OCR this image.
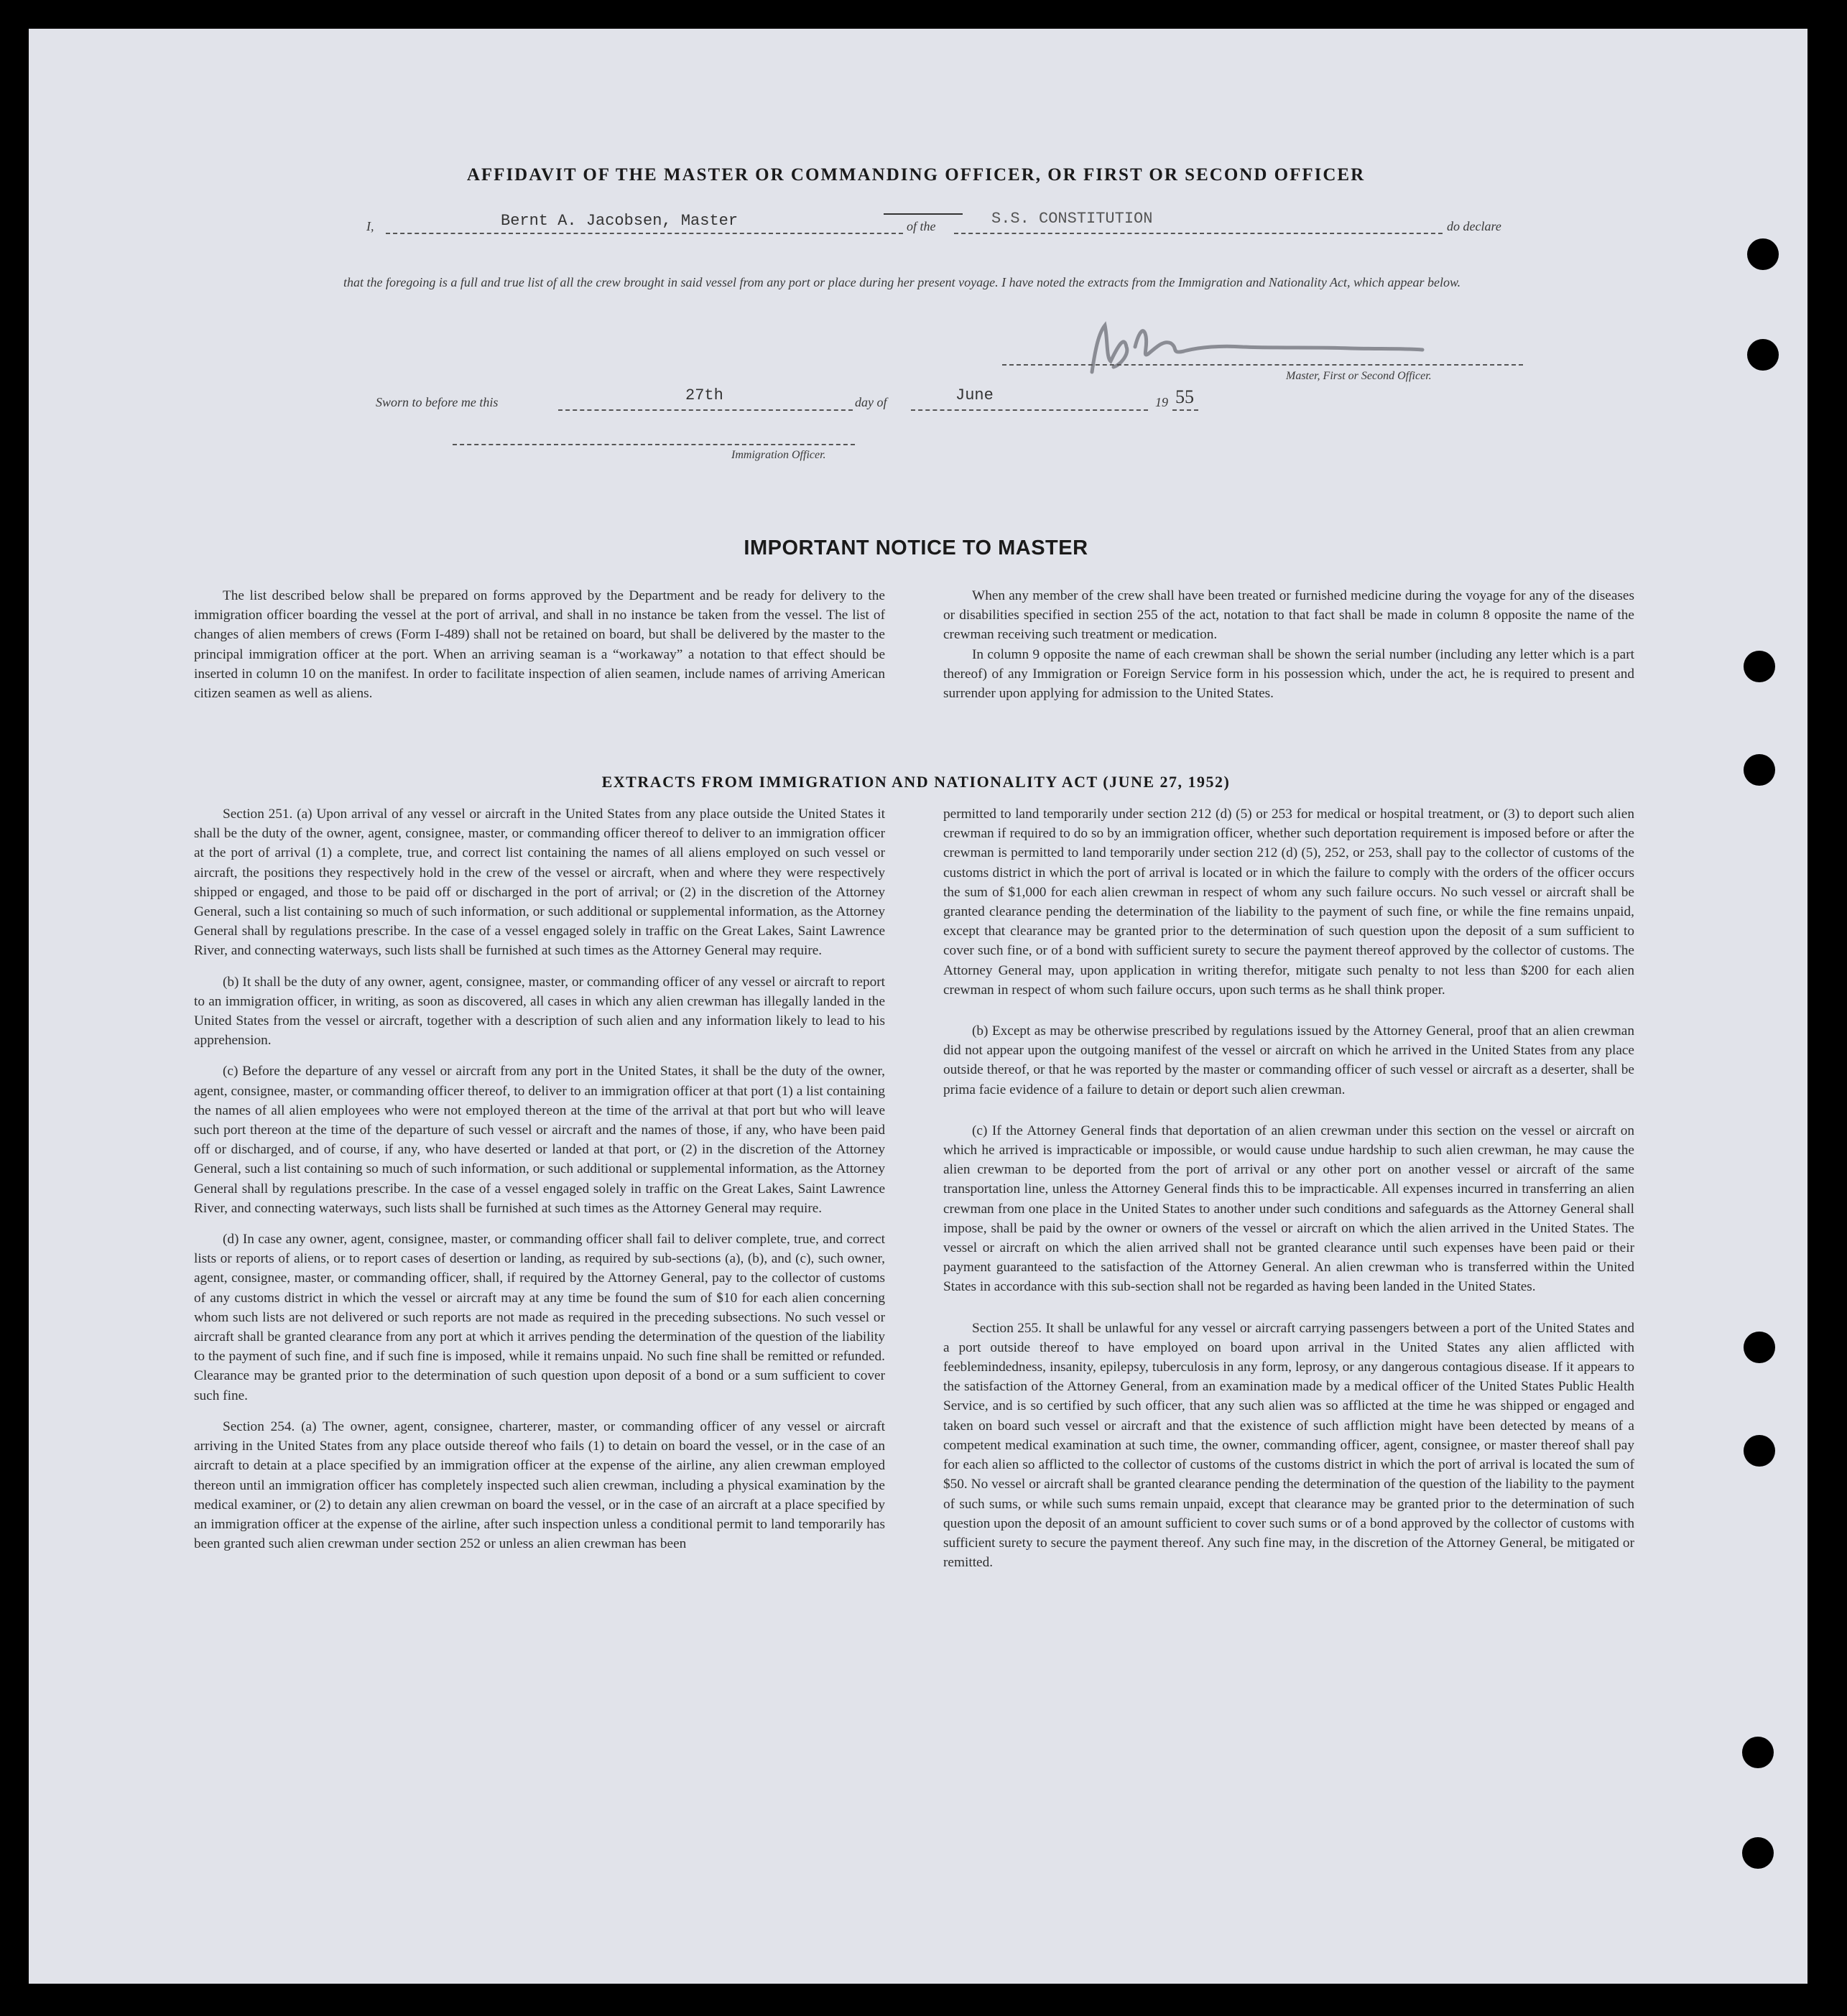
AFFIDAVIT OF THE MASTER OR COMMANDING OFFICER, OR FIRST OR SECOND OFFICER
I,	Bernt A. Jacobsen, Master	of the	S.S. CONSTITUTION	do declare
that the foregoing is a full and true list of all the crew brought in said vessel from any port or place during her present voyage. I have noted the extracts from the Immigration and Nationality Act, which appear below.
Master, First or Second Officer.
Sworn to before me this	27th	day of	June	19 55
Immigration Officer.
IMPORTANT NOTICE TO MASTER

The list described below shall be prepared on forms approved by the Department and be ready for delivery to the immigration officer boarding the vessel at the port of arrival, and shall in no instance be taken from the vessel. The list of changes of alien members of crews (Form I-489) shall not be retained on board, but shall be delivered by the master to the principal immigration officer at the port. When an arriving seaman is a “workaway” a notation to that effect should be inserted in column 10 on the manifest. In order to facilitate inspection of alien seamen, include names of arriving American citizen seamen as well as aliens.

When any member of the crew shall have been treated or furnished medicine during the voyage for any of the diseases or disabilities specified in section 255 of the act, notation to that fact shall be made in column 8 opposite the name of the crewman receiving such treatment or medication.

In column 9 opposite the name of each crewman shall be shown the serial number (including any letter which is a part thereof) of any Immigration or Foreign Service form in his possession which, under the act, he is required to present and surrender upon applying for admission to the United States.

EXTRACTS FROM IMMIGRATION AND NATIONALITY ACT (JUNE 27, 1952)

Section 251. (a) Upon arrival of any vessel or aircraft in the United States from any place outside the United States it shall be the duty of the owner, agent, consignee, master, or commanding officer thereof to deliver to an immigration officer at the port of arrival (1) a complete, true, and correct list containing the names of all aliens employed on such vessel or aircraft, the positions they respectively hold in the crew of the vessel or aircraft, when and where they were respectively shipped or engaged, and those to be paid off or discharged in the port of arrival; or (2) in the discretion of the Attorney General, such a list containing so much of such information, or such additional or supplemental information, as the Attorney General shall by regulations prescribe. In the case of a vessel engaged solely in traffic on the Great Lakes, Saint Lawrence River, and connecting waterways, such lists shall be furnished at such times as the Attorney General may require.

(b) It shall be the duty of any owner, agent, consignee, master, or commanding officer of any vessel or aircraft to report to an immigration officer, in writing, as soon as discovered, all cases in which any alien crewman has illegally landed in the United States from the vessel or aircraft, together with a description of such alien and any information likely to lead to his apprehension.

(c) Before the departure of any vessel or aircraft from any port in the United States, it shall be the duty of the owner, agent, consignee, master, or commanding officer thereof, to deliver to an immigration officer at that port (1) a list containing the names of all alien employees who were not employed thereon at the time of the arrival at that port but who will leave such port thereon at the time of the departure of such vessel or aircraft and the names of those, if any, who have been paid off or discharged, and of course, if any, who have deserted or landed at that port, or (2) in the discretion of the Attorney General, such a list containing so much of such information, or such additional or supplemental information, as the Attorney General shall by regulations prescribe. In the case of a vessel engaged solely in traffic on the Great Lakes, Saint Lawrence River, and connecting waterways, such lists shall be furnished at such times as the Attorney General may require.

(d) In case any owner, agent, consignee, master, or commanding officer shall fail to deliver complete, true, and correct lists or reports of aliens, or to report cases of desertion or landing, as required by sub-sections (a), (b), and (c), such owner, agent, consignee, master, or commanding officer, shall, if required by the Attorney General, pay to the collector of customs of any customs district in which the vessel or aircraft may at any time be found the sum of $10 for each alien concerning whom such lists are not delivered or such reports are not made as required in the preceding subsections. No such vessel or aircraft shall be granted clearance from any port at which it arrives pending the determination of the question of the liability to the payment of such fine, and if such fine is imposed, while it remains unpaid. No such fine shall be remitted or refunded. Clearance may be granted prior to the determination of such question upon deposit of a bond or a sum sufficient to cover such fine.

Section 254. (a) The owner, agent, consignee, charterer, master, or commanding officer of any vessel or aircraft arriving in the United States from any place outside thereof who fails (1) to detain on board the vessel, or in the case of an aircraft to detain at a place specified by an immigration officer at the expense of the airline, any alien crewman employed thereon until an immigration officer has completely inspected such alien crewman, including a physical examination by the medical examiner, or (2) to detain any alien crewman on board the vessel, or in the case of an aircraft at a place specified by an immigration officer at the expense of the airline, after such inspection unless a conditional permit to land temporarily has been granted such alien crewman under section 252 or unless an alien crewman has been

permitted to land temporarily under section 212 (d) (5) or 253 for medical or hospital treatment, or (3) to deport such alien crewman if required to do so by an immigration officer, whether such deportation requirement is imposed before or after the crewman is permitted to land temporarily under section 212 (d) (5), 252, or 253, shall pay to the collector of customs of the customs district in which the port of arrival is located or in which the failure to comply with the orders of the officer occurs the sum of $1,000 for each alien crewman in respect of whom any such failure occurs. No such vessel or aircraft shall be granted clearance pending the determination of the liability to the payment of such fine, or while the fine remains unpaid, except that clearance may be granted prior to the determination of such question upon the deposit of a sum sufficient to cover such fine, or of a bond with sufficient surety to secure the payment thereof approved by the collector of customs. The Attorney General may, upon application in writing therefor, mitigate such penalty to not less than $200 for each alien crewman in respect of whom such failure occurs, upon such terms as he shall think proper.

(b) Except as may be otherwise prescribed by regulations issued by the Attorney General, proof that an alien crewman did not appear upon the outgoing manifest of the vessel or aircraft on which he arrived in the United States from any place outside thereof, or that he was reported by the master or commanding officer of such vessel or aircraft as a deserter, shall be prima facie evidence of a failure to detain or deport such alien crewman.

(c) If the Attorney General finds that deportation of an alien crewman under this section on the vessel or aircraft on which he arrived is impracticable or impossible, or would cause undue hardship to such alien crewman, he may cause the alien crewman to be deported from the port of arrival or any other port on another vessel or aircraft of the same transportation line, unless the Attorney General finds this to be impracticable. All expenses incurred in transferring an alien crewman from one place in the United States to another under such conditions and safeguards as the Attorney General shall impose, shall be paid by the owner or owners of the vessel or aircraft on which the alien arrived in the United States. The vessel or aircraft on which the alien arrived shall not be granted clearance until such expenses have been paid or their payment guaranteed to the satisfaction of the Attorney General. An alien crewman who is transferred within the United States in accordance with this sub-section shall not be regarded as having been landed in the United States.

Section 255. It shall be unlawful for any vessel or aircraft carrying passengers between a port of the United States and a port outside thereof to have employed on board upon arrival in the United States any alien afflicted with feeblemindedness, insanity, epilepsy, tuberculosis in any form, leprosy, or any dangerous contagious disease. If it appears to the satisfaction of the Attorney General, from an examination made by a medical officer of the United States Public Health Service, and is so certified by such officer, that any such alien was so afflicted at the time he was shipped or engaged and taken on board such vessel or aircraft and that the existence of such affliction might have been detected by means of a competent medical examination at such time, the owner, commanding officer, agent, consignee, or master thereof shall pay for each alien so afflicted to the collector of customs of the customs district in which the port of arrival is located the sum of $50. No vessel or aircraft shall be granted clearance pending the determination of the question of the liability to the payment of such sums, or while such sums remain unpaid, except that clearance may be granted prior to the determination of such question upon the deposit of an amount sufficient to cover such sums or of a bond approved by the collector of customs with sufficient surety to secure the payment thereof. Any such fine may, in the discretion of the Attorney General, be mitigated or remitted.
